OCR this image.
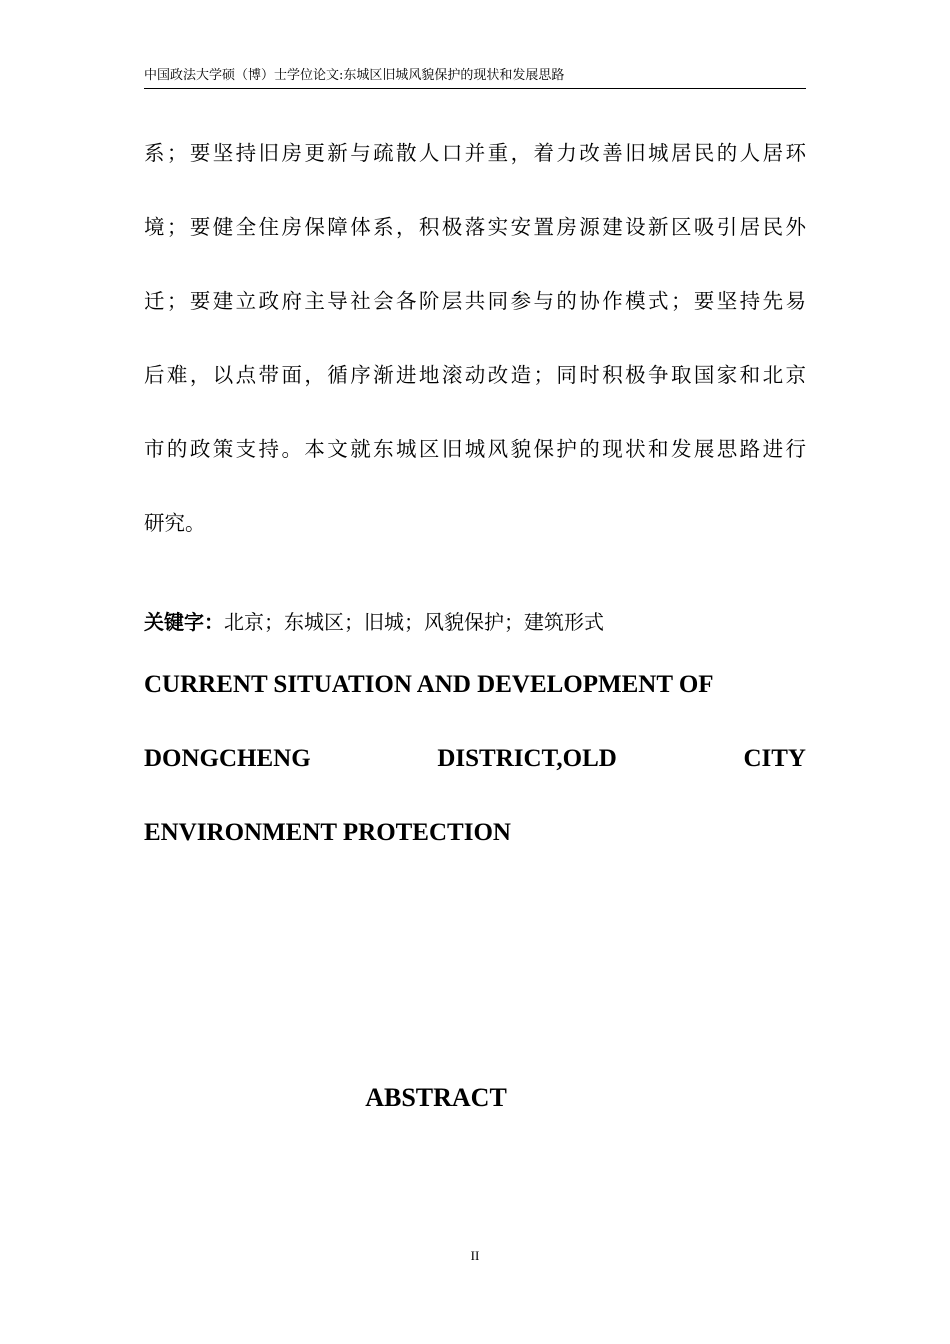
中国政法大学硕（博）士学位论文:东城区旧城风貌保护的现状和发展思路
系；要坚持旧房更新与疏散人口并重，着力改善旧城居民的人居环
境；要健全住房保障体系，积极落实安置房源建设新区吸引居民外
迁；要建立政府主导社会各阶层共同参与的协作模式；要坚持先易
后难，以点带面，循序渐进地滚动改造；同时积极争取国家和北京
市的政策支持。本文就东城区旧城风貌保护的现状和发展思路进行
研究。
关键字：北京；东城区；旧城；风貌保护；建筑形式
CURRENT SITUATION AND DEVELOPMENT OF
DONGCHENG DISTRICT,OLD CITY
ENVIRONMENT PROTECTION
ABSTRACT
II
